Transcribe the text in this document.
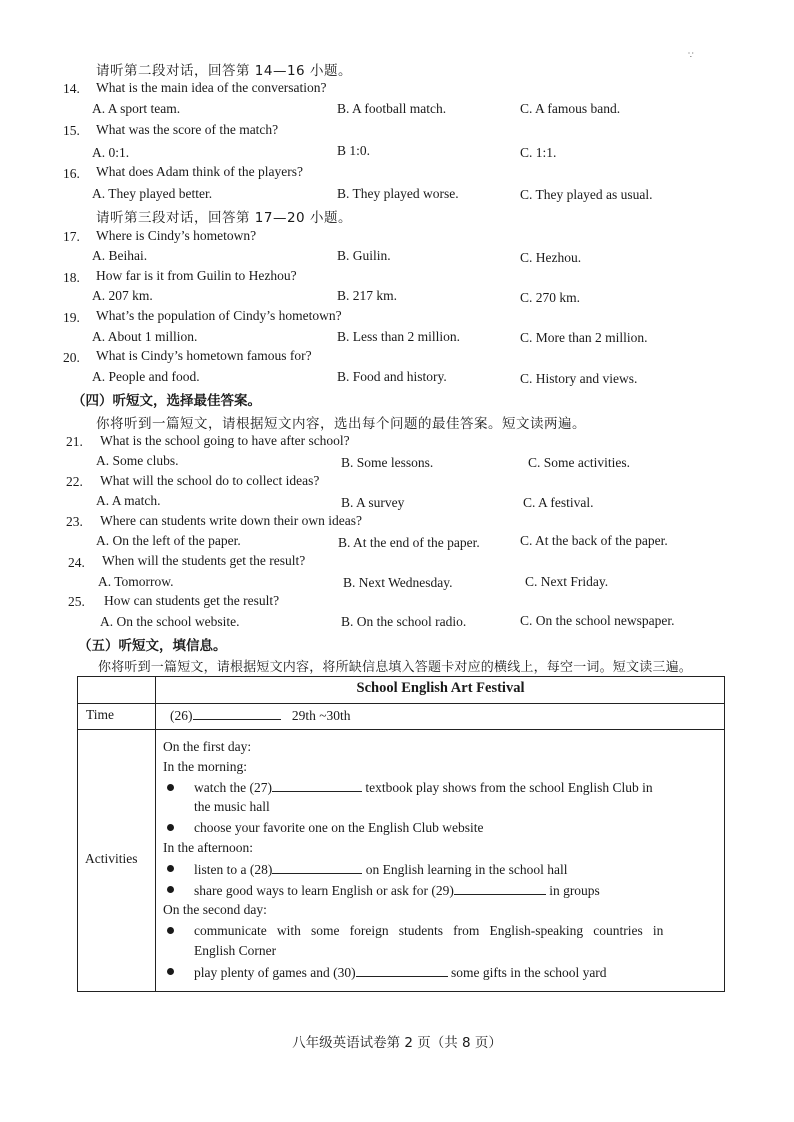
∵
请听第二段对话，回答第 14—16 小题。
14. What is the main idea of the conversation?
A. A sport team.	B. A football match.	C. A famous band.
15. What was the score of the match?
A. 0:1.	B 1:0.	C. 1:1.
16. What does Adam think of the players?
A. They played better.	B. They played worse.	C. They played as usual.
请听第三段对话，回答第 17—20 小题。
17. Where is Cindy’s hometown?
A. Beihai.	B. Guilin.	C. Hezhou.
18. How far is it from Guilin to Hezhou?
A. 207 km.	B. 217 km.	C. 270 km.
19. What’s the population of Cindy’s hometown?
A. About 1 million.	B. Less than 2 million.	C. More than 2 million.
20. What is Cindy’s hometown famous for?
A. People and food.	B. Food and history.	C. History and views.
（四）听短文，选择最佳答案。
你将听到一篇短文，请根据短文内容，选出每个问题的最佳答案。短文读两遍。
21. What is the school going to have after school?
A. Some clubs.	B. Some lessons.	C. Some activities.
22. What will the school do to collect ideas?
A. A match.	B. A survey	C. A festival.
23. Where can students write down their own ideas?
A. On the left of the paper.	B. At the end of the paper.	C. At the back of the paper.
24. When will the students get the result?
A. Tomorrow.	B. Next Wednesday.	C. Next Friday.
25. How can students get the result?
A. On the school website.	B. On the school radio.	C. On the school newspaper.
（五）听短文，填信息。
你将听到一篇短文，请根据短文内容，将所缺信息填入答题卡对应的横线上，每空一词。短文读三遍。
School English Art Festival
Time	(26)	29th ~30th
Activities
On the first day:
In the morning:
watch the (27)	textbook play shows from the school English Club in
the music hall
choose your favorite one on the English Club website
In the afternoon:
listen to a (28)	on English learning in the school hall
share good ways to learn English or ask for (29)	in groups
On the second day:
communicate   with   some   foreign   students   from   English-speaking   countries   in
English Corner
play plenty of games and (30)	some gifts in the school yard
八年级英语试卷第 2 页（共 8 页）
